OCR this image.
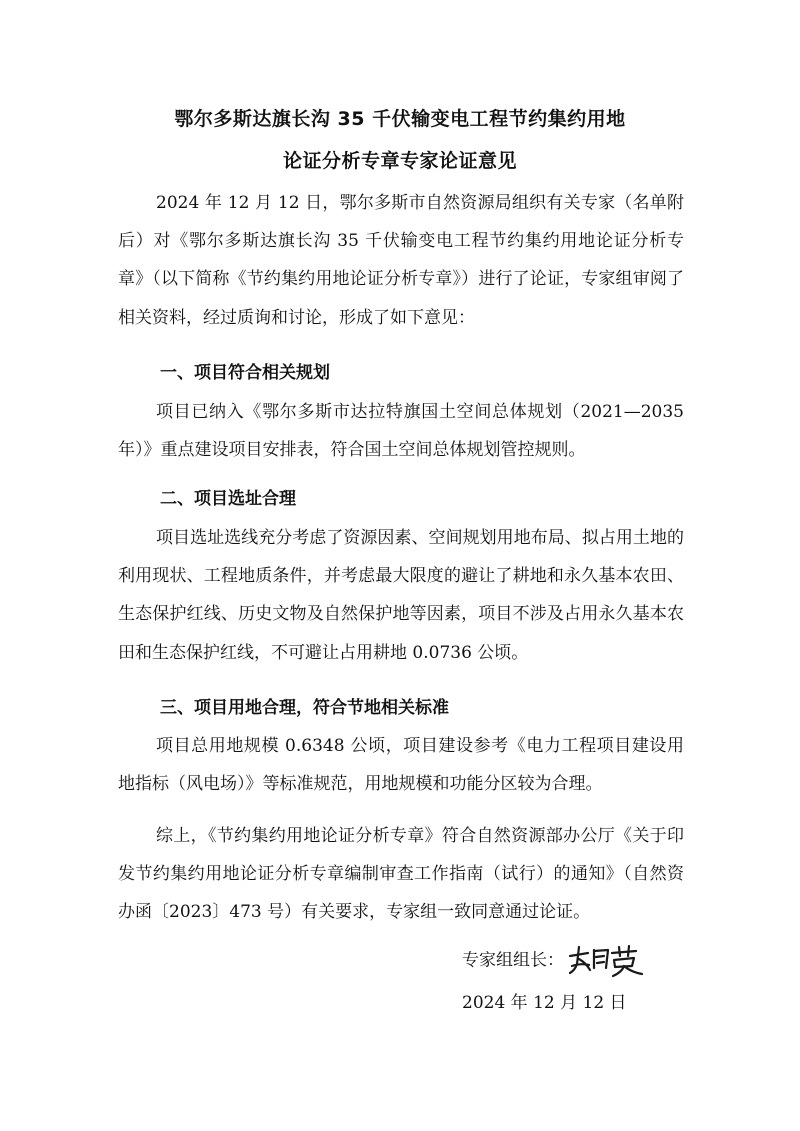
鄂尔多斯达旗长沟 35 千伏输变电工程节约集约用地
论证分析专章专家论证意见

2024 年 12 月 12 日，鄂尔多斯市自然资源局组织有关专家（名单附后）对《鄂尔多斯达旗长沟 35 千伏输变电工程节约集约用地论证分析专章》（以下简称《节约集约用地论证分析专章》）进行了论证，专家组审阅了相关资料，经过质询和讨论，形成了如下意见：

一、项目符合相关规划

项目已纳入《鄂尔多斯市达拉特旗国土空间总体规划（2021—2035年）》重点建设项目安排表，符合国土空间总体规划管控规则。

二、项目选址合理

项目选址选线充分考虑了资源因素、空间规划用地布局、拟占用土地的利用现状、工程地质条件，并考虑最大限度的避让了耕地和永久基本农田、生态保护红线、历史文物及自然保护地等因素，项目不涉及占用永久基本农田和生态保护红线，不可避让占用耕地 0.0736 公顷。

三、项目用地合理，符合节地相关标准

项目总用地规模 0.6348 公顷，项目建设参考《电力工程项目建设用地指标（风电场）》等标准规范，用地规模和功能分区较为合理。

综上，《节约集约用地论证分析专章》符合自然资源部办公厅《关于印发节约集约用地论证分析专章编制审查工作指南（试行）的通知》（自然资办函〔2023〕473 号）有关要求，专家组一致同意通过论证。

专家组组长：
2024 年 12 月 12 日
